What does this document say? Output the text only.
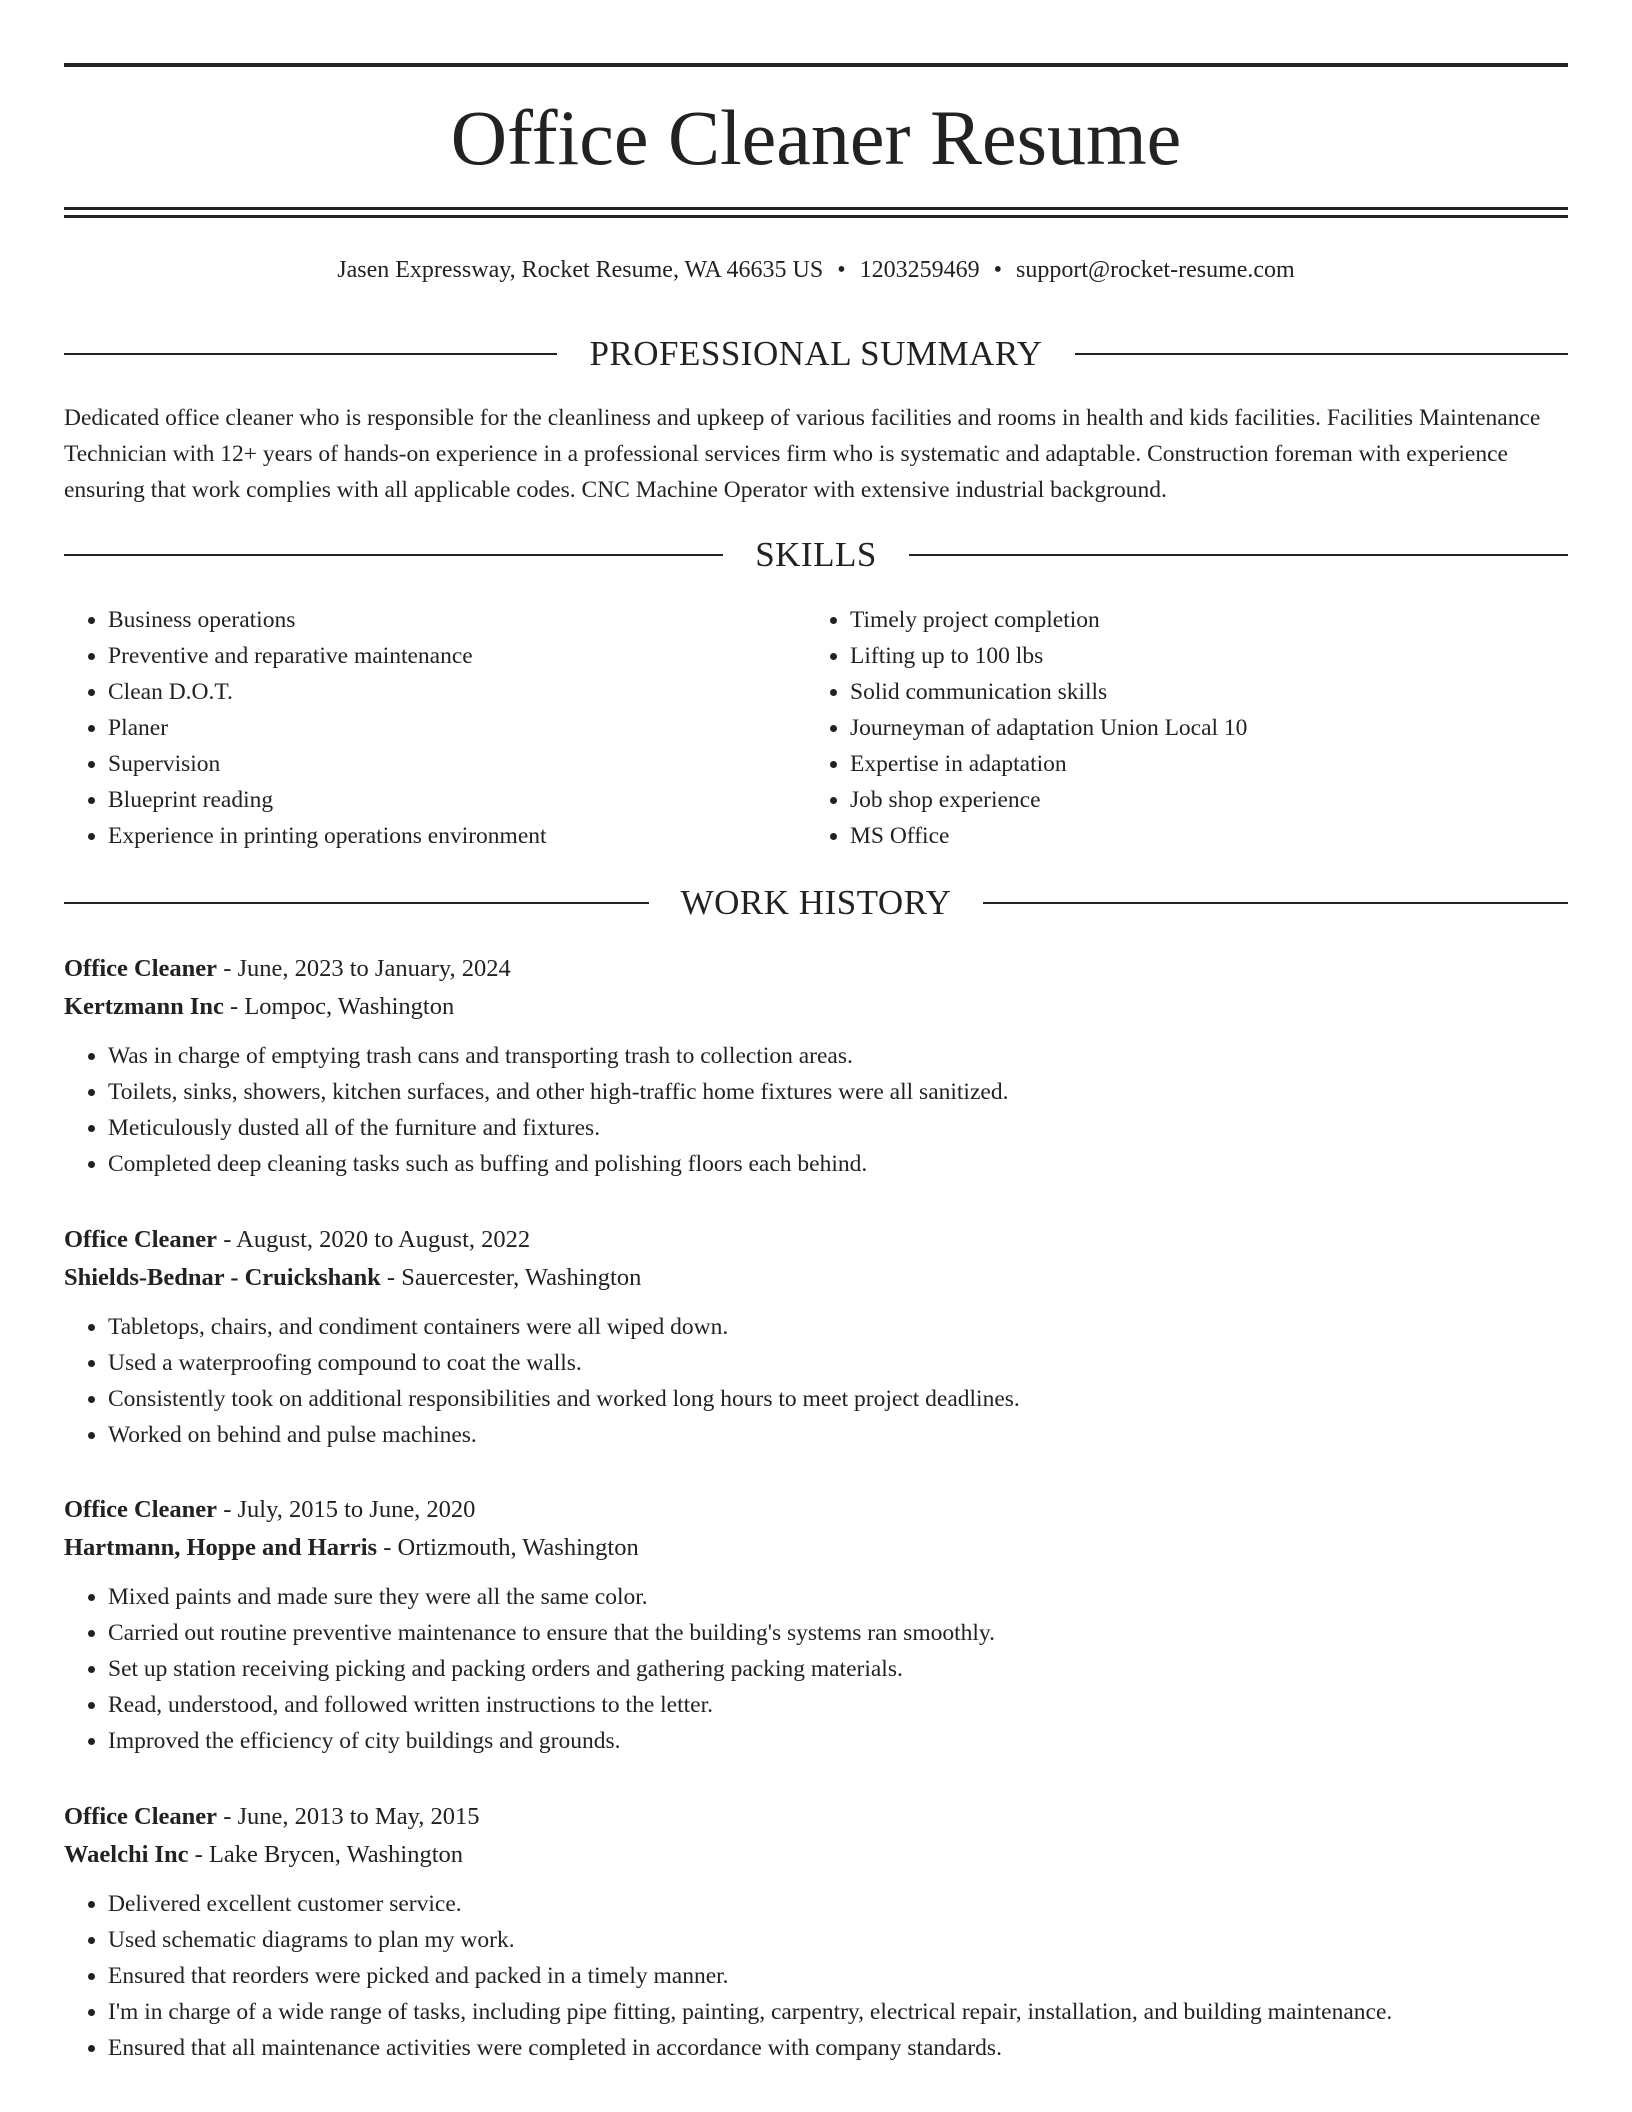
Office Cleaner Resume
Jasen Expressway, Rocket Resume, WA 46635 US • 1203259469 • support@rocket-resume.com
PROFESSIONAL SUMMARY

Dedicated office cleaner who is responsible for the cleanliness and upkeep of various facilities and rooms in health and kids facilities. Facilities Maintenance Technician with 12+ years of hands-on experience in a professional services firm who is systematic and adaptable. Construction foreman with experience ensuring that work complies with all applicable codes. CNC Machine Operator with extensive industrial background.

SKILLS
• Business operations
• Preventive and reparative maintenance
• Clean D.O.T.
• Planer
• Supervision
• Blueprint reading
• Experience in printing operations environment
• Timely project completion
• Lifting up to 100 lbs
• Solid communication skills
• Journeyman of adaptation Union Local 10
• Expertise in adaptation
• Job shop experience
• MS Office
WORK HISTORY
Office Cleaner - June, 2023 to January, 2024
Kertzmann Inc - Lompoc, Washington
• Was in charge of emptying trash cans and transporting trash to collection areas.
• Toilets, sinks, showers, kitchen surfaces, and other high-traffic home fixtures were all sanitized.
• Meticulously dusted all of the furniture and fixtures.
• Completed deep cleaning tasks such as buffing and polishing floors each behind.
Office Cleaner - August, 2020 to August, 2022
Shields-Bednar - Cruickshank - Sauercester, Washington
• Tabletops, chairs, and condiment containers were all wiped down.
• Used a waterproofing compound to coat the walls.
• Consistently took on additional responsibilities and worked long hours to meet project deadlines.
• Worked on behind and pulse machines.
Office Cleaner - July, 2015 to June, 2020
Hartmann, Hoppe and Harris - Ortizmouth, Washington
• Mixed paints and made sure they were all the same color.
• Carried out routine preventive maintenance to ensure that the building's systems ran smoothly.
• Set up station receiving picking and packing orders and gathering packing materials.
• Read, understood, and followed written instructions to the letter.
• Improved the efficiency of city buildings and grounds.
Office Cleaner - June, 2013 to May, 2015
Waelchi Inc - Lake Brycen, Washington
• Delivered excellent customer service.
• Used schematic diagrams to plan my work.
• Ensured that reorders were picked and packed in a timely manner.
• I'm in charge of a wide range of tasks, including pipe fitting, painting, carpentry, electrical repair, installation, and building maintenance.
• Ensured that all maintenance activities were completed in accordance with company standards.
